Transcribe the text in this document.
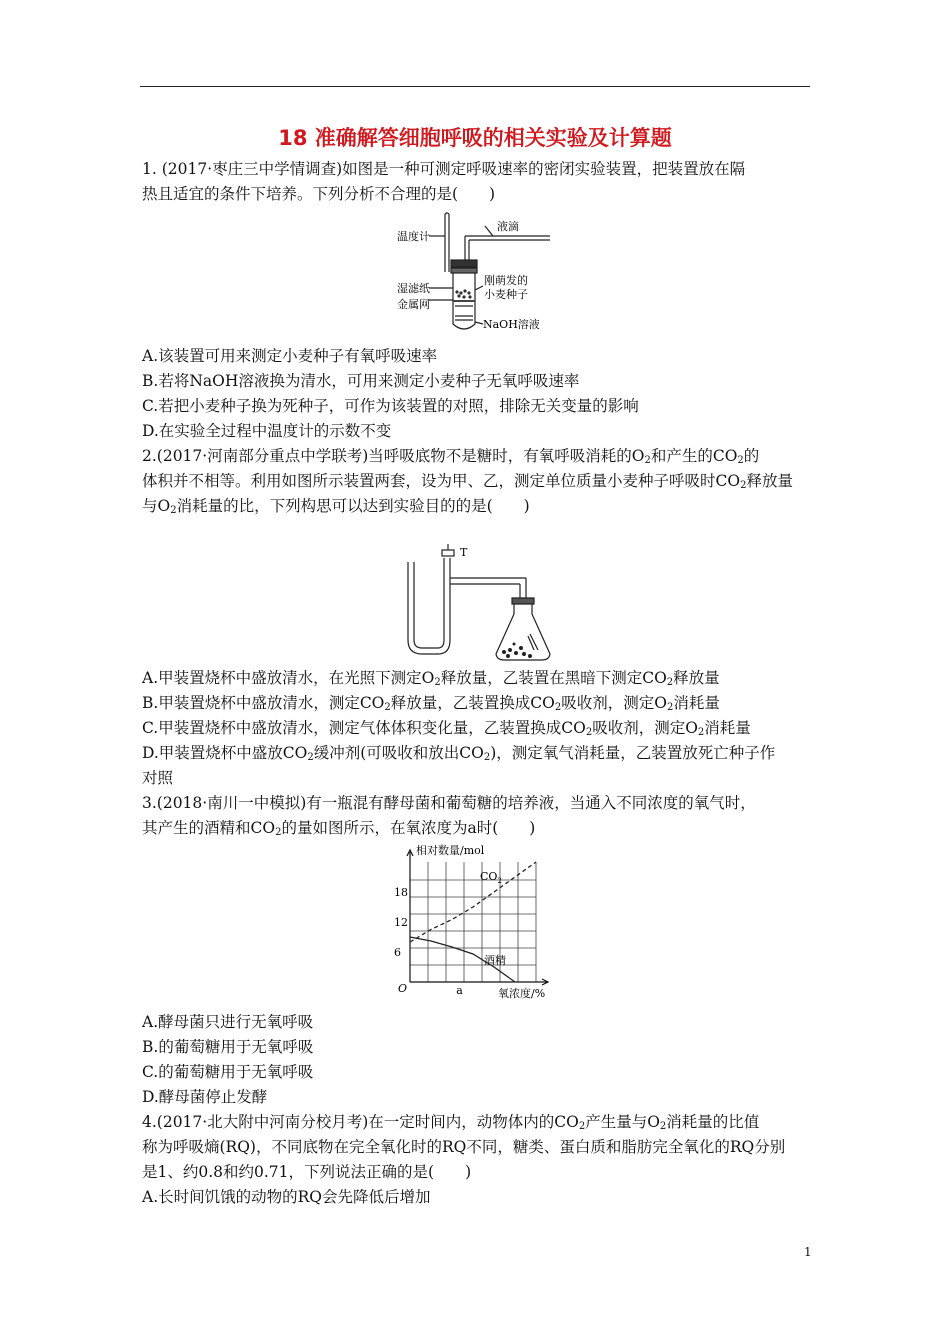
18 准确解答细胞呼吸的相关实验及计算题
1. (2017·枣庄三中学情调查)如图是一种可测定呼吸速率的密闭实验装置，把装置放在隔
热且适宜的条件下培养。下列分析不合理的是(　　)
温度计
液滴
湿滤纸
金属网
刚萌发的
小麦种子
NaOH溶液
A.该装置可用来测定小麦种子有氧呼吸速率
B.若将NaOH溶液换为清水，可用来测定小麦种子无氧呼吸速率
C.若把小麦种子换为死种子，可作为该装置的对照，排除无关变量的影响
D.在实验全过程中温度计的示数不变
2.(2017·河南部分重点中学联考)当呼吸底物不是糖时，有氧呼吸消耗的$O_2$和产生的$CO_2$的
体积并不相等。利用如图所示装置两套，设为甲、乙，测定单位质量小麦种子呼吸时$CO_2$释放量
与$O_2$消耗量的比，下列构思可以达到实验目的的是(　　)
T
A.甲装置烧杯中盛放清水，在光照下测定$O_2$释放量，乙装置在黑暗下测定$CO_2$释放量
B.甲装置烧杯中盛放清水，测定$CO_2$释放量，乙装置换成$CO_2$吸收剂，测定$O_2$消耗量
C.甲装置烧杯中盛放清水，测定气体体积变化量，乙装置换成$CO_2$吸收剂，测定$O_2$消耗量
D.甲装置烧杯中盛放$CO_2$缓冲剂(可吸收和放出$CO_2$)，测定氧气消耗量，乙装置放死亡种子作
对照
3.(2018·南川一中模拟)有一瓶混有酵母菌和葡萄糖的培养液，当通入不同浓度的氧气时，
其产生的酒精和$CO_2$的量如图所示，在氧浓度为a时(　　)
相对数量/mol
氧浓度/%
O
6
12
18
a
$CO_2$
酒精
A.酵母菌只进行无氧呼吸
B.的葡萄糖用于无氧呼吸
C.的葡萄糖用于无氧呼吸
D.酵母菌停止发酵
4.(2017·北大附中河南分校月考)在一定时间内，动物体内的$CO_2$产生量与$O_2$消耗量的比值
称为呼吸熵(RQ)，不同底物在完全氧化时的RQ不同，糖类、蛋白质和脂肪完全氧化的RQ分别
是1、约0.8和约0.71，下列说法正确的是(　　)
A.长时间饥饿的动物的RQ会先降低后增加
1
